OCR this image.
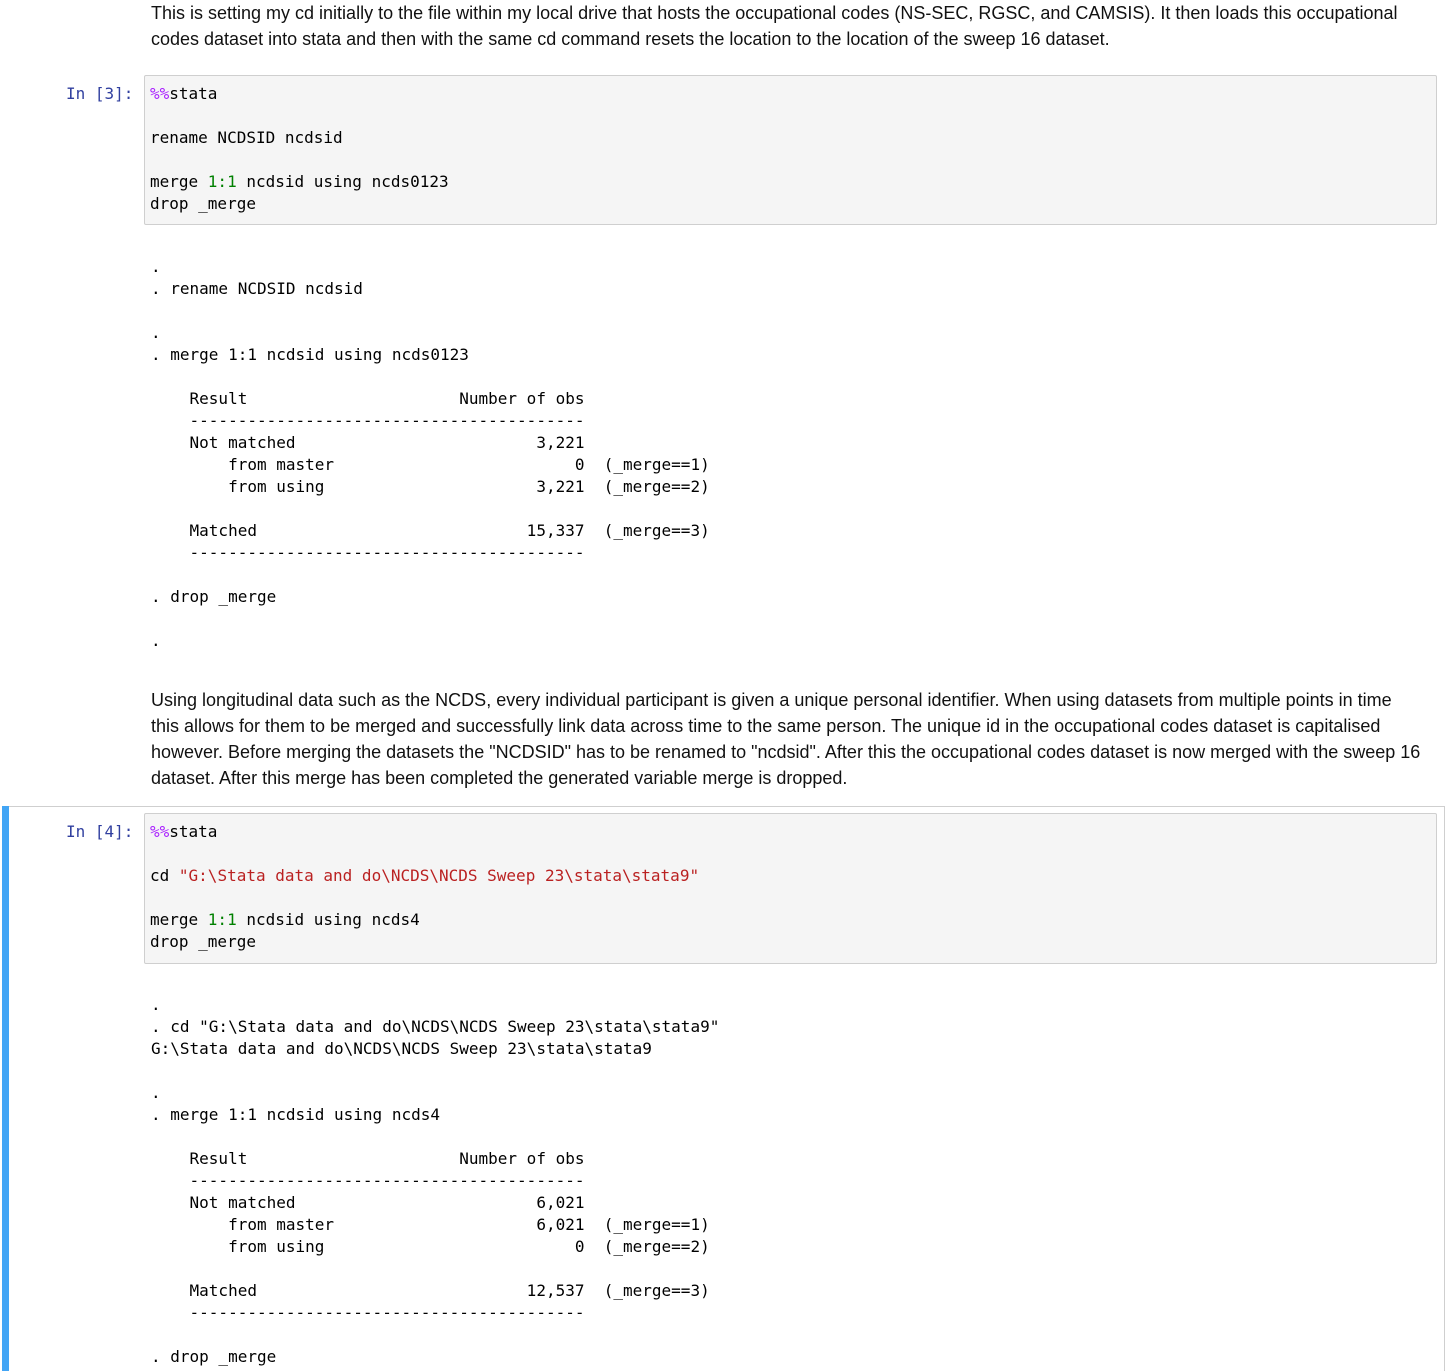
This is setting my cd initially to the file within my local drive that hosts the occupational codes (NS-SEC, RGSC, and CAMSIS). It then loads this occupational codes dataset into stata and then with the same cd command resets the location to the location of the sweep 16 dataset.
In [3]:	%%stata

rename NCDSID ncdsid

merge 1:1 ncdsid using ncds0123
drop _merge
.
. rename NCDSID ncdsid

.
. merge 1:1 ncdsid using ncds0123

Result                      Number of obs
-----------------------------------------
Not matched                         3,221
from master                         0  (_merge==1)
from using                      3,221  (_merge==2)

Matched                            15,337  (_merge==3)
-----------------------------------------

. drop _merge

.
Using longitudinal data such as the NCDS, every individual participant is given a unique personal identifier. When using datasets from multiple points in time this allows for them to be merged and successfully link data across time to the same person. The unique id in the occupational codes dataset is capitalised however. Before merging the datasets the "NCDSID" has to be renamed to "ncdsid". After this the occupational codes dataset is now merged with the sweep 16 dataset. After this merge has been completed the generated variable merge is dropped.
In [4]:	%%stata

cd "G:\Stata data and do\NCDS\NCDS Sweep 23\stata\stata9"

merge 1:1 ncdsid using ncds4
drop _merge
.
. cd "G:\Stata data and do\NCDS\NCDS Sweep 23\stata\stata9"
G:\Stata data and do\NCDS\NCDS Sweep 23\stata\stata9

.
. merge 1:1 ncdsid using ncds4

Result                      Number of obs
-----------------------------------------
Not matched                         6,021
from master                     6,021  (_merge==1)
from using                          0  (_merge==2)

Matched                            12,537  (_merge==3)
-----------------------------------------

. drop _merge
